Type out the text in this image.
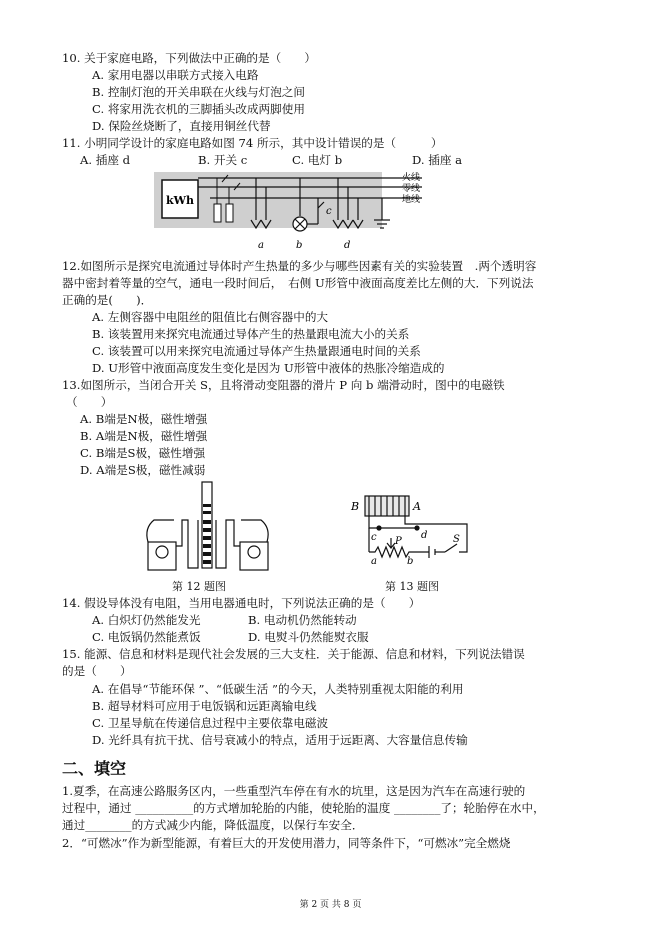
10. 关于家庭电路，下列做法中正确的是（　　）
A. 家用电器以串联方式接入电路
B. 控制灯泡的开关串联在火线与灯泡之间
C. 将家用洗衣机的三脚插头改成两脚使用
D. 保险丝烧断了，直接用铜丝代替
11. 小明同学设计的家庭电路如图 74 所示，其中设计错误的是（　　　）
A. 插座 d	B. 开关 c	C. 电灯 b	D. 插座 a
kWh
火线
零线
地线
a	b
c
d
12.如图所示是探究电流通过导体时产生热量的多少与哪些因素有关的实验装置　.两个透明容
器中密封着等量的空气，通电一段时间后，　右侧 U形管中液面高度差比左侧的大．下列说法
正确的是(　　)．
A. 左侧容器中电阻丝的阻值比右侧容器中的大
B. 该装置用来探究电流通过导体产生的热量跟电流大小的关系
C. 该装置可以用来探究电流通过导体产生热量跟通电时间的关系
D. U形管中液面高度发生变化是因为 U形管中液体的热胀冷缩造成的
13.如图所示，当闭合开关 S，且将滑动变阻器的滑片 P 向 b 端滑动时，图中的电磁铁
（　　）
A. B端是N极，磁性增强
B. A端是N极，磁性增强
C. B端是S极，磁性增强
D. A端是S极，磁性减弱
第 12 题图
B	A
c	d
a
P
b
S
第 13 题图
14. 假设导体没有电阻，当用电器通电时，下列说法正确的是（　　）
A. 白炽灯仍然能发光	B. 电动机仍然能转动
C. 电饭锅仍然能煮饭	D. 电熨斗仍然能熨衣服
15. 能源、信息和材料是现代社会发展的三大支柱．关于能源、信息和材料，下列说法错误
的是（　　）
A. 在倡导“节能环保 ”、“低碳生活 ”的今天，人类特别重视太阳能的利用
B. 超导材料可应用于电饭锅和远距离输电线
C. 卫星导航在传递信息过程中主要依靠电磁波
D. 光纤具有抗干扰、信号衰减小的特点，适用于远距离、大容量信息传输
二、填空
1.夏季，在高速公路服务区内，一些重型汽车停在有水的坑里，这是因为汽车在高速行驶的
过程中，通过 __________的方式增加轮胎的内能，使轮胎的温度 ________了；轮胎停在水中，
通过________的方式减少内能，降低温度，以保行车安全．
2．“可燃冰”作为新型能源，有着巨大的开发使用潜力，同等条件下，“可燃冰”完全燃烧
第 2 页 共 8 页
